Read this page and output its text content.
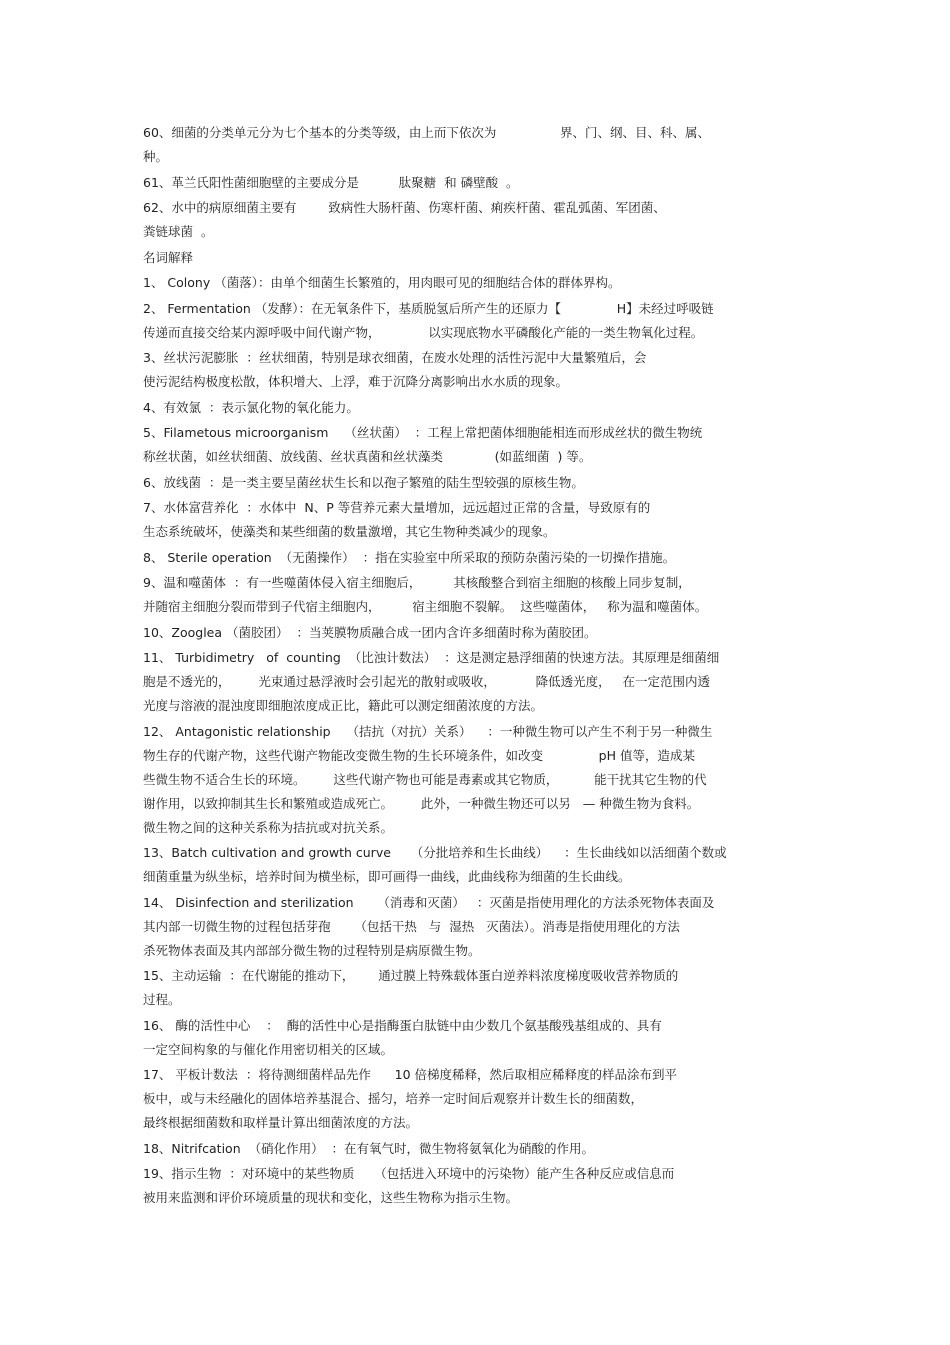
60、细菌的分类单元分为七个基本的分类等级，由上而下依次为                界、门、纲、目、科、属、
种。
61、革兰氏阳性菌细胞壁的主要成分是          肽聚糖  和 磷壁酸  。
62、水中的病原细菌主要有        致病性大肠杆菌、伤寒杆菌、痢疾杆菌、霍乱弧菌、军团菌、
粪链球菌  。
名词解释
1、 Colony （菌落）：由单个细菌生长繁殖的，用肉眼可见的细胞结合体的群体界构。
2、 Fermentation （发酵）：在无氧条件下，基质脱氢后所产生的还原力【              H】未经过呼吸链
传递而直接交给某内源呼吸中间代谢产物，            以实现底物水平磷酸化产能的一类生物氧化过程。
3、丝状污泥膨胀  ：丝状细菌，特别是球衣细菌，在废水处理的活性污泥中大量繁殖后，会
使污泥结构极度松散，体积增大、上浮，难于沉降分离影响出水水质的现象。
4、有效氯  ：表示氯化物的氧化能力。
5、Filametous microorganism    （丝状菌）  ：工程上常把菌体细胞能相连而形成丝状的微生物统
称丝状菌，如丝状细菌、放线菌、丝状真菌和丝状藻类             (如蓝细菌  ) 等。
6、放线菌  ：是一类主要呈菌丝状生长和以孢子繁殖的陆生型较强的原核生物。
7、水体富营养化  ：水体中  N、P 等营养元素大量增加，远远超过正常的含量，导致原有的
生态系统破坏，使藻类和某些细菌的数量激增，其它生物种类减少的现象。
8、 Sterile operation  （无菌操作）  ：指在实验室中所采取的预防杂菌污染的一切操作措施。
9、温和噬菌体  ：有一些噬菌体侵入宿主细胞后，        其核酸整合到宿主细胞的核酸上同步复制，
并随宿主细胞分裂而带到子代宿主细胞内，        宿主细胞不裂解。  这些噬菌体，   称为温和噬菌体。
10、Zooglea （菌胶团）  ：当荚膜物质融合成一团内含许多细菌时称为菌胶团。
11、 Turbidimetry   of  counting  （比浊计数法）  ：这是测定悬浮细菌的快速方法。其原理是细菌细
胞是不透光的，       光束通过悬浮液时会引起光的散射或吸收，          降低透光度，   在一定范围内透
光度与溶液的混浊度即细胞浓度成正比，籍此可以测定细菌浓度的方法。
12、 Antagonistic relationship    （拮抗（对抗）关系）    ：一种微生物可以产生不利于另一种微生
物生存的代谢产物，这些代谢产物能改变微生物的生长环境条件，如改变              pH 值等，造成某
些微生物不适合生长的环境。       这些代谢产物也可能是毒素或其它物质，         能干扰其它生物的代
谢作用，以致抑制其生长和繁殖或造成死亡。       此外，一种微生物还可以另   — 种微生物为食料。
微生物之间的这种关系称为拮抗或对抗关系。
13、Batch cultivation and growth curve     （分批培养和生长曲线）    ：生长曲线如以活细菌个数或
细菌重量为纵坐标，培养时间为横坐标，即可画得一曲线，此曲线称为细菌的生长曲线。
14、 Disinfection and sterilization      （消毒和灭菌）   ：灭菌是指使用理化的方法杀死物体表面及
其内部一切微生物的过程包括芽孢      （包括干热   与  湿热   灭菌法）。消毒是指使用理化的方法
杀死物体表面及其内部部分微生物的过程特别是病原微生物。
15、主动运输  ：在代谢能的推动下，      通过膜上特殊载体蛋白逆养料浓度梯度吸收营养物质的
过程。
16、 酶的活性中心    ：  酶的活性中心是指酶蛋白肽链中由少数几个氨基酸残基组成的、具有
一定空间构象的与催化作用密切相关的区域。
17、 平板计数法  ：将待测细菌样品先作      10 倍梯度稀释，然后取相应稀释度的样品涂布到平
板中，或与未经融化的固体培养基混合、摇匀，培养一定时间后观察并计数生长的细菌数，
最终根据细菌数和取样量计算出细菌浓度的方法。
18、Nitrifcation  （硝化作用）  ：在有氧气时，微生物将氨氧化为硝酸的作用。
19、指示生物  ：对环境中的某些物质     （包括进入环境中的污染物）能产生各种反应或信息而
被用来监测和评价环境质量的现状和变化，这些生物称为指示生物。
